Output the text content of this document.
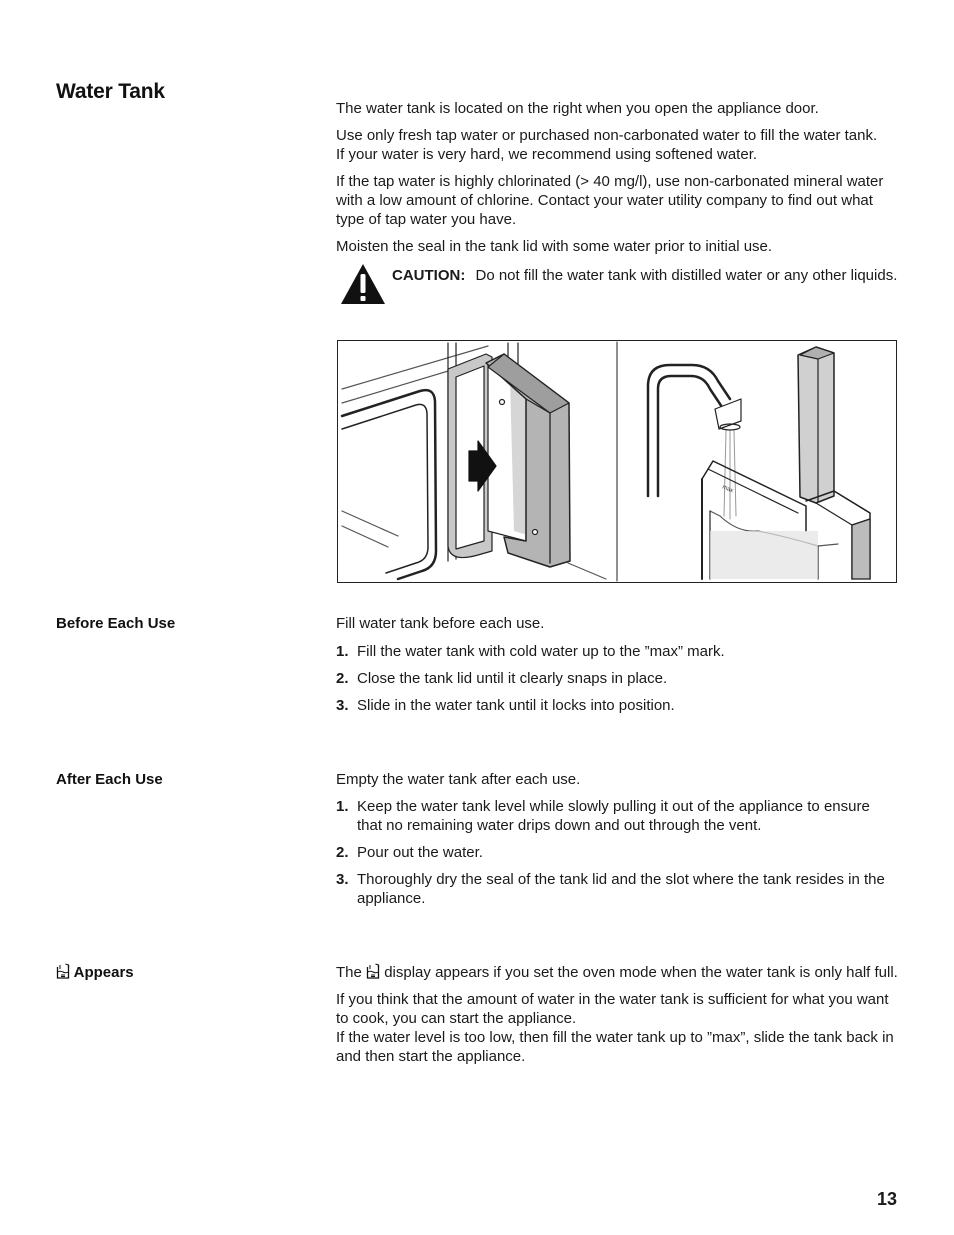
Water Tank

The water tank is located on the right when you open the appliance door.

Use only fresh tap water or purchased non-carbonated water to fill the water tank.
If your water is very hard, we recommend using softened water.

If the tap water is highly chlorinated (> 40 mg/l), use non-carbonated mineral water with a low amount of chlorine. Contact your water utility company to find out what type of tap water you have.

Moisten the seal in the tank lid with some water prior to initial use.

CAUTION: Do not fill the water tank with distilled water or any other liquids.
max
Before Each Use	Fill water tank before each use.

1. Fill the water tank with cold water up to the ”max” mark.
2. Close the tank lid until it clearly snaps in place.
3. Slide in the water tank until it locks into position.
After Each Use	Empty the water tank after each use.

1. Keep the water tank level while slowly pulling it out of the appliance to ensure that no remaining water drips down and out through the vent.
2. Pour out the water.
3. Thoroughly dry the seal of the tank lid and the slot where the tank resides in the appliance.
Appears	The display appears if you set the oven mode when the water tank is only half full.

If you think that the amount of water in the water tank is sufficient for what you want to cook, you can start the appliance.
If the water level is too low, then fill the water tank up to ”max”, slide the tank back in and then start the appliance.

13
